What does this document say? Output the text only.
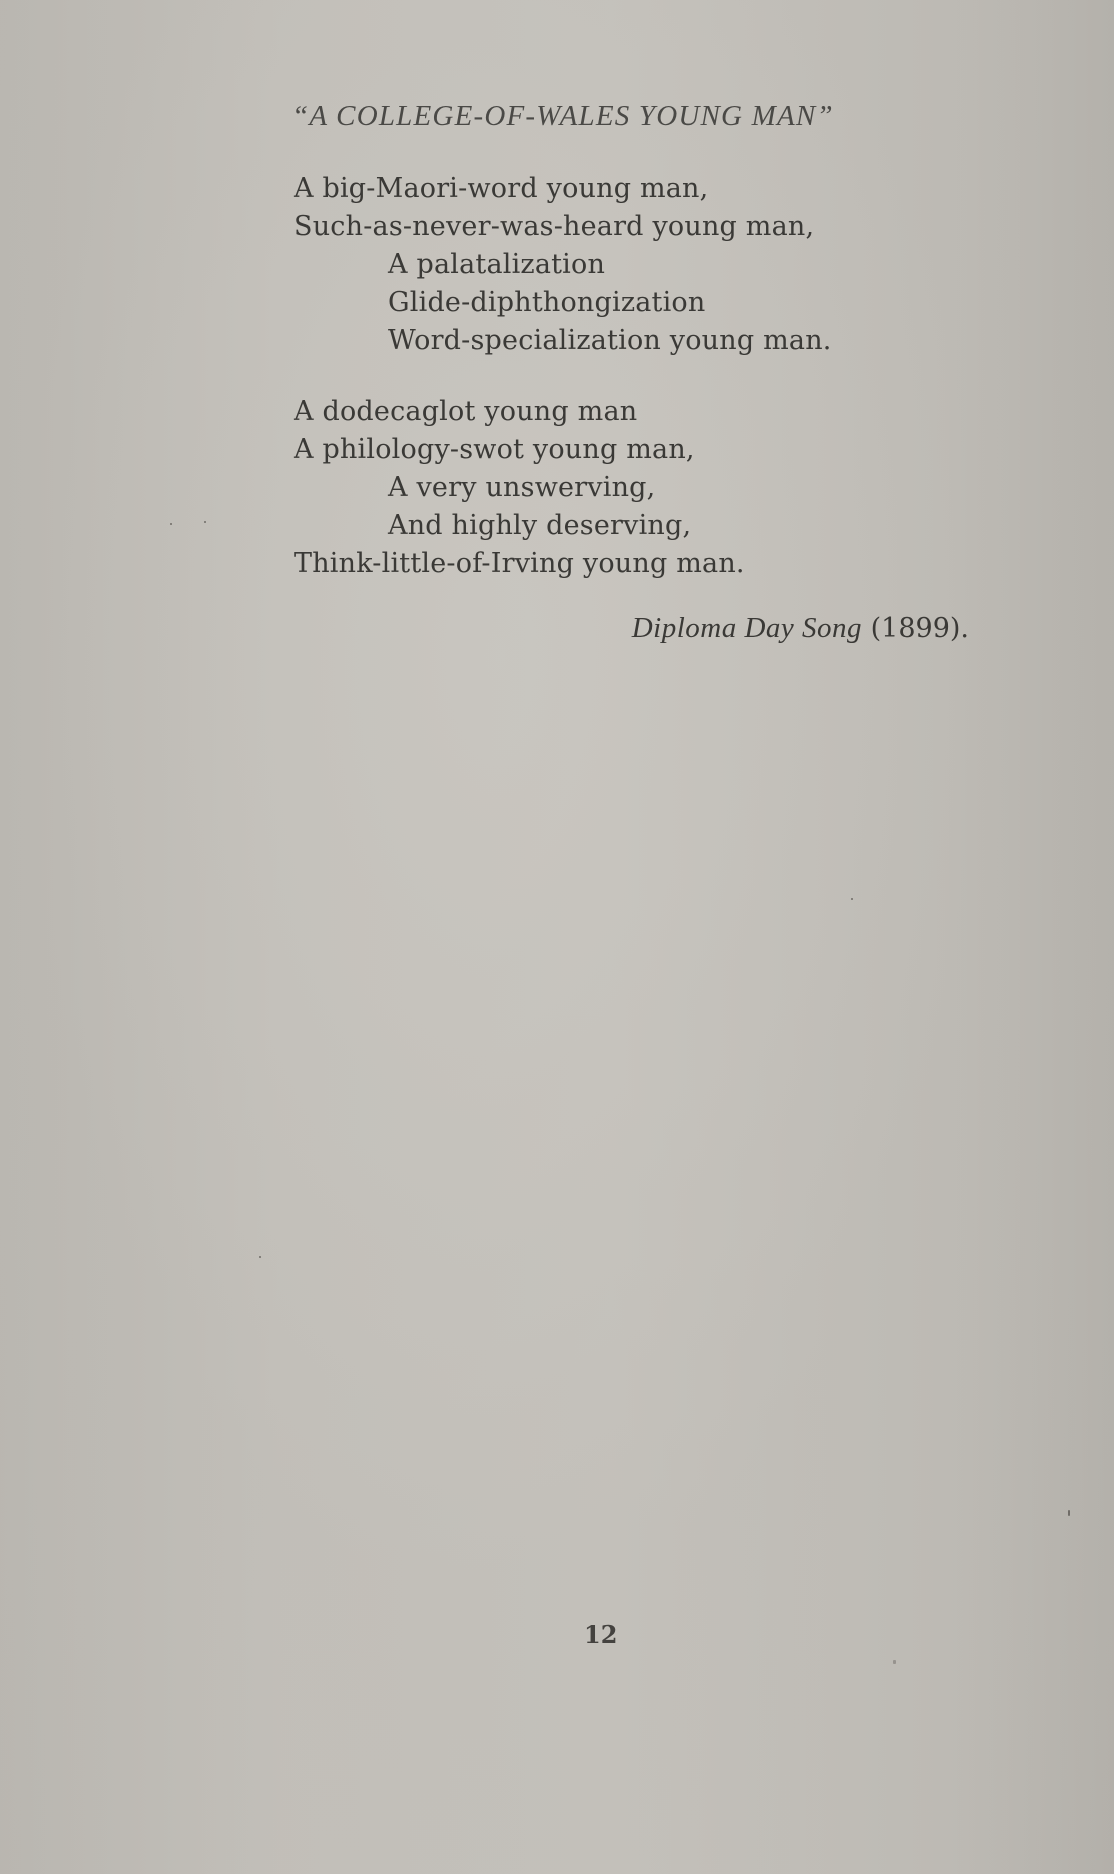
“A COLLEGE-OF-WALES YOUNG MAN”
A big-Maori-word young man,
Such-as-never-was-heard young man,
A palatalization
Glide-diphthongization
Word-specialization young man.
A dodecaglot young man
A philology-swot young man,
A very unswerving,
And highly deserving,
Think-little-of-Irving young man.
Diploma Day Song (1899).
12
